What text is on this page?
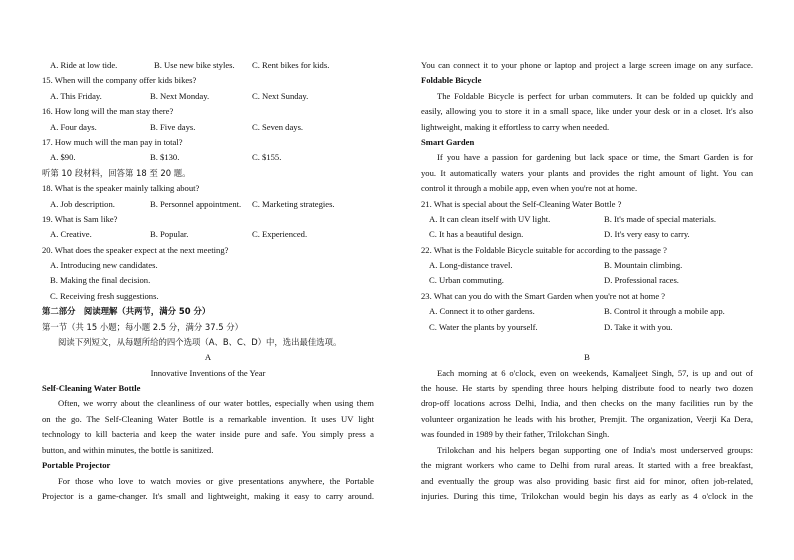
A. Ride at low tide.	B. Use new bike styles. C. Rent bikes for kids.
15. When will the company offer kids bikes?
A. This Friday.	B. Next Monday.	C. Next Sunday.
16. How long will the man stay there?
A. Four days.	B. Five days.	C. Seven days.
17. How much will the man pay in total?
A. $90.	B. $130.	C. $155.
听第 10 段材料，回答第 18 至 20 题。
18. What is the speaker mainly talking about?
A. Job description.	B. Personnel appointment. C. Marketing strategies.
19. What is Sam like?
A. Creative.	B. Popular.	C. Experienced.
20. What does the speaker expect at the next meeting?
A. Introducing new candidates.
B. Making the final decision.
C. Receiving fresh suggestions.
第二部分　阅读理解（共两节，满分 50 分）
第一节（共 15 小题；每小题 2.5 分，满分 37.5 分）
阅读下列短文，从每题所给的四个选项（A、B、C、D）中，选出最佳选项。
A
Innovative Inventions of the Year
Self-Cleaning Water Bottle
Often, we worry about the cleanliness of our water bottles, especially when using them
on the go. The Self-Cleaning Water Bottle is a remarkable invention. It uses UV light
technology to kill bacteria and keep the water inside pure and safe. You simply press a
button, and within minutes, the bottle is sanitized.
Portable Projector
For those who love to watch movies or give presentations anywhere, the Portable
Projector is a game-changer. It's small and lightweight, making it easy to carry around.
You can connect it to your phone or laptop and project a large screen image on any surface.
Foldable Bicycle
The Foldable Bicycle is perfect for urban commuters. It can be folded up quickly and
easily, allowing you to store it in a small space, like under your desk or in a closet. It's also
lightweight, making it effortless to carry when needed.
Smart Garden
If you have a passion for gardening but lack space or time, the Smart Garden is for
you. It automatically waters your plants and provides the right amount of light. You can
control it through a mobile app, even when you're not at home.
21. What is special about the Self-Cleaning Water Bottle ?
A. It can clean itself with UV light.	B. It's made of special materials.
C. It has a beautiful design.	D. It's very easy to carry.
22. What is the Foldable Bicycle suitable for according to the passage ?
A. Long-distance travel.	B. Mountain climbing.
C. Urban commuting.	D. Professional races.
23. What can you do with the Smart Garden when you're not at home ?
A. Connect it to other gardens.	B. Control it through a mobile app.
C. Water the plants by yourself.	D. Take it with you.
B
Each morning at 6 o'clock, even on weekends, Kamaljeet Singh, 57, is up and out of
the house. He starts by spending three hours helping distribute food to nearly two dozen
drop-off locations across Delhi, India, and then checks on the many facilities run by the
volunteer organization he leads with his brother, Premjit. The organization, Veerji Ka Dera,
was founded in 1989 by their father, Trilokchan Singh.
Trilokchan and his helpers began supporting one of India's most underserved groups:
the migrant workers who came to Delhi from rural areas. It started with a free breakfast,
and eventually the group was also providing basic first aid for minor, often job-related,
injuries. During this time, Trilokchan would begin his days as early as 4 o'clock in the
